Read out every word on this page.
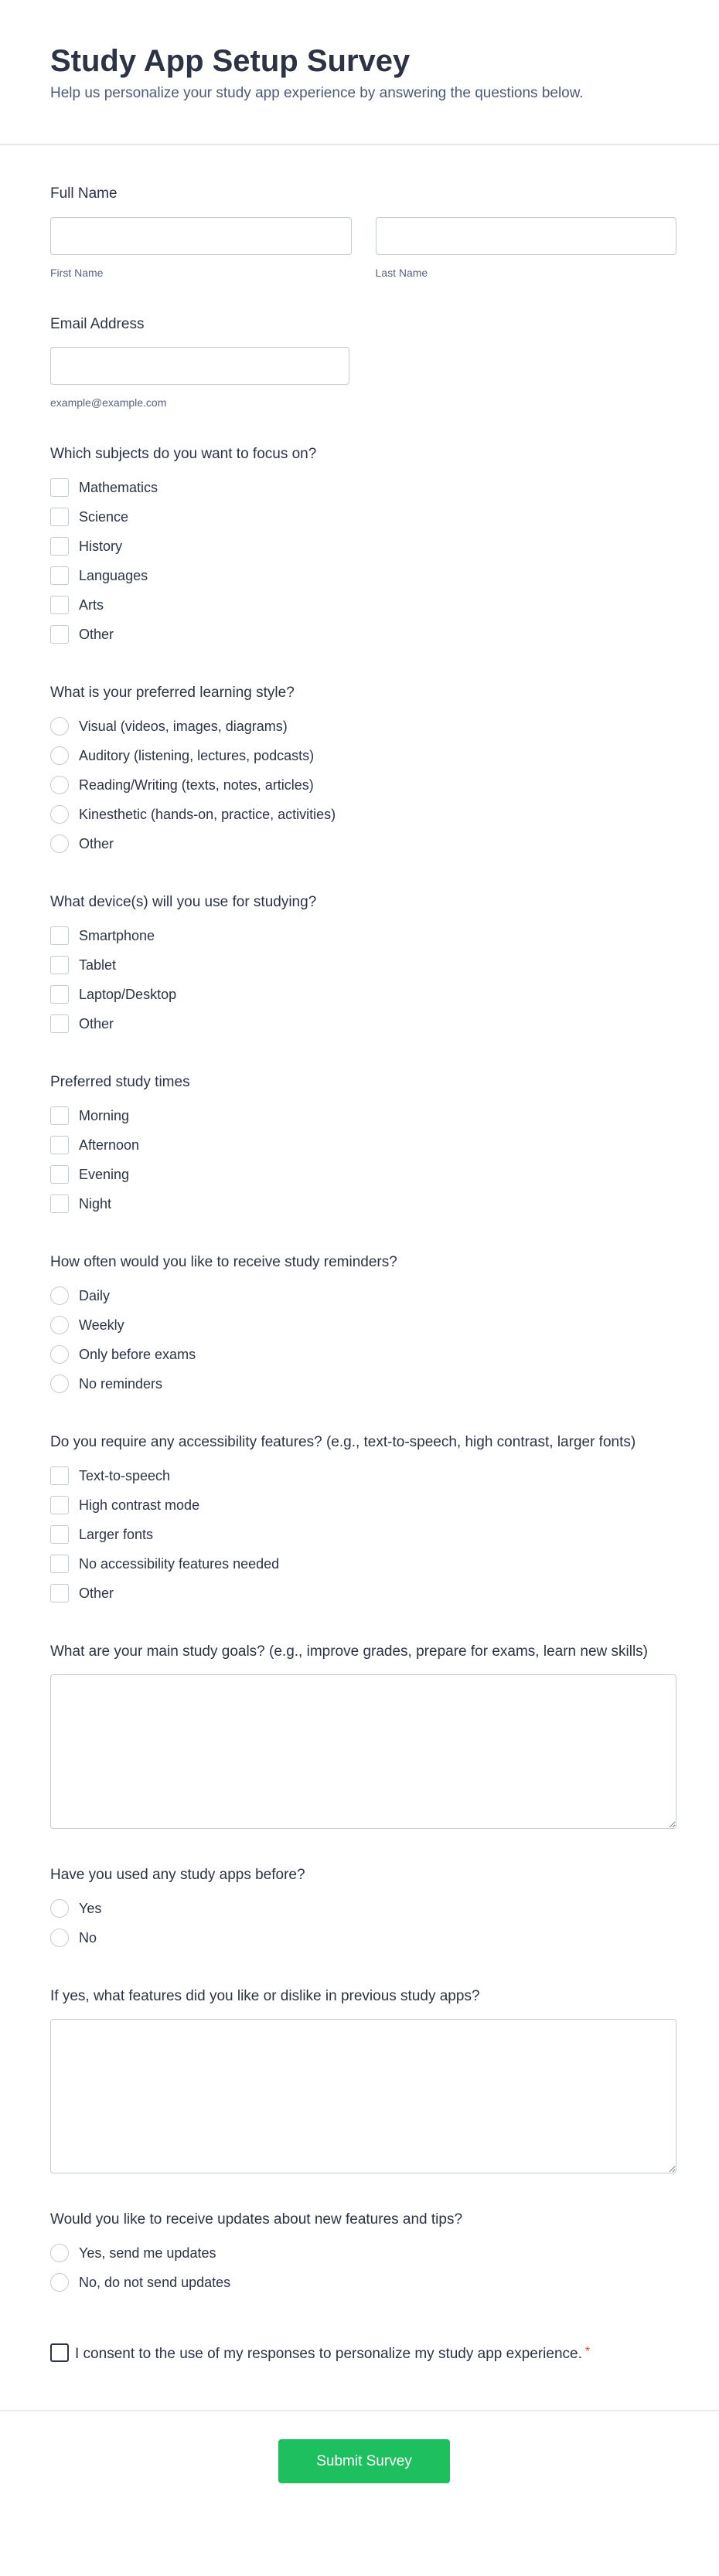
Study App Setup Survey

Help us personalize your study app experience by answering the questions below.

Full Name
First Name	Last Name
Email Address
example@example.com
Which subjects do you want to focus on?
Mathematics
Science
History
Languages
Arts
Other
What is your preferred learning style?
Visual (videos, images, diagrams)
Auditory (listening, lectures, podcasts)
Reading/Writing (texts, notes, articles)
Kinesthetic (hands-on, practice, activities)
Other
What device(s) will you use for studying?
Smartphone
Tablet
Laptop/Desktop
Other
Preferred study times
Morning
Afternoon
Evening
Night
How often would you like to receive study reminders?
Daily
Weekly
Only before exams
No reminders
Do you require any accessibility features? (e.g., text-to-speech, high contrast, larger fonts)
Text-to-speech
High contrast mode
Larger fonts
No accessibility features needed
Other
What are your main study goals? (e.g., improve grades, prepare for exams, learn new skills)
Have you used any study apps before?
Yes
No
If yes, what features did you like or dislike in previous study apps?
Would you like to receive updates about new features and tips?
Yes, send me updates
No, do not send updates
I consent to the use of my responses to personalize my study app experience. *
Submit Survey
